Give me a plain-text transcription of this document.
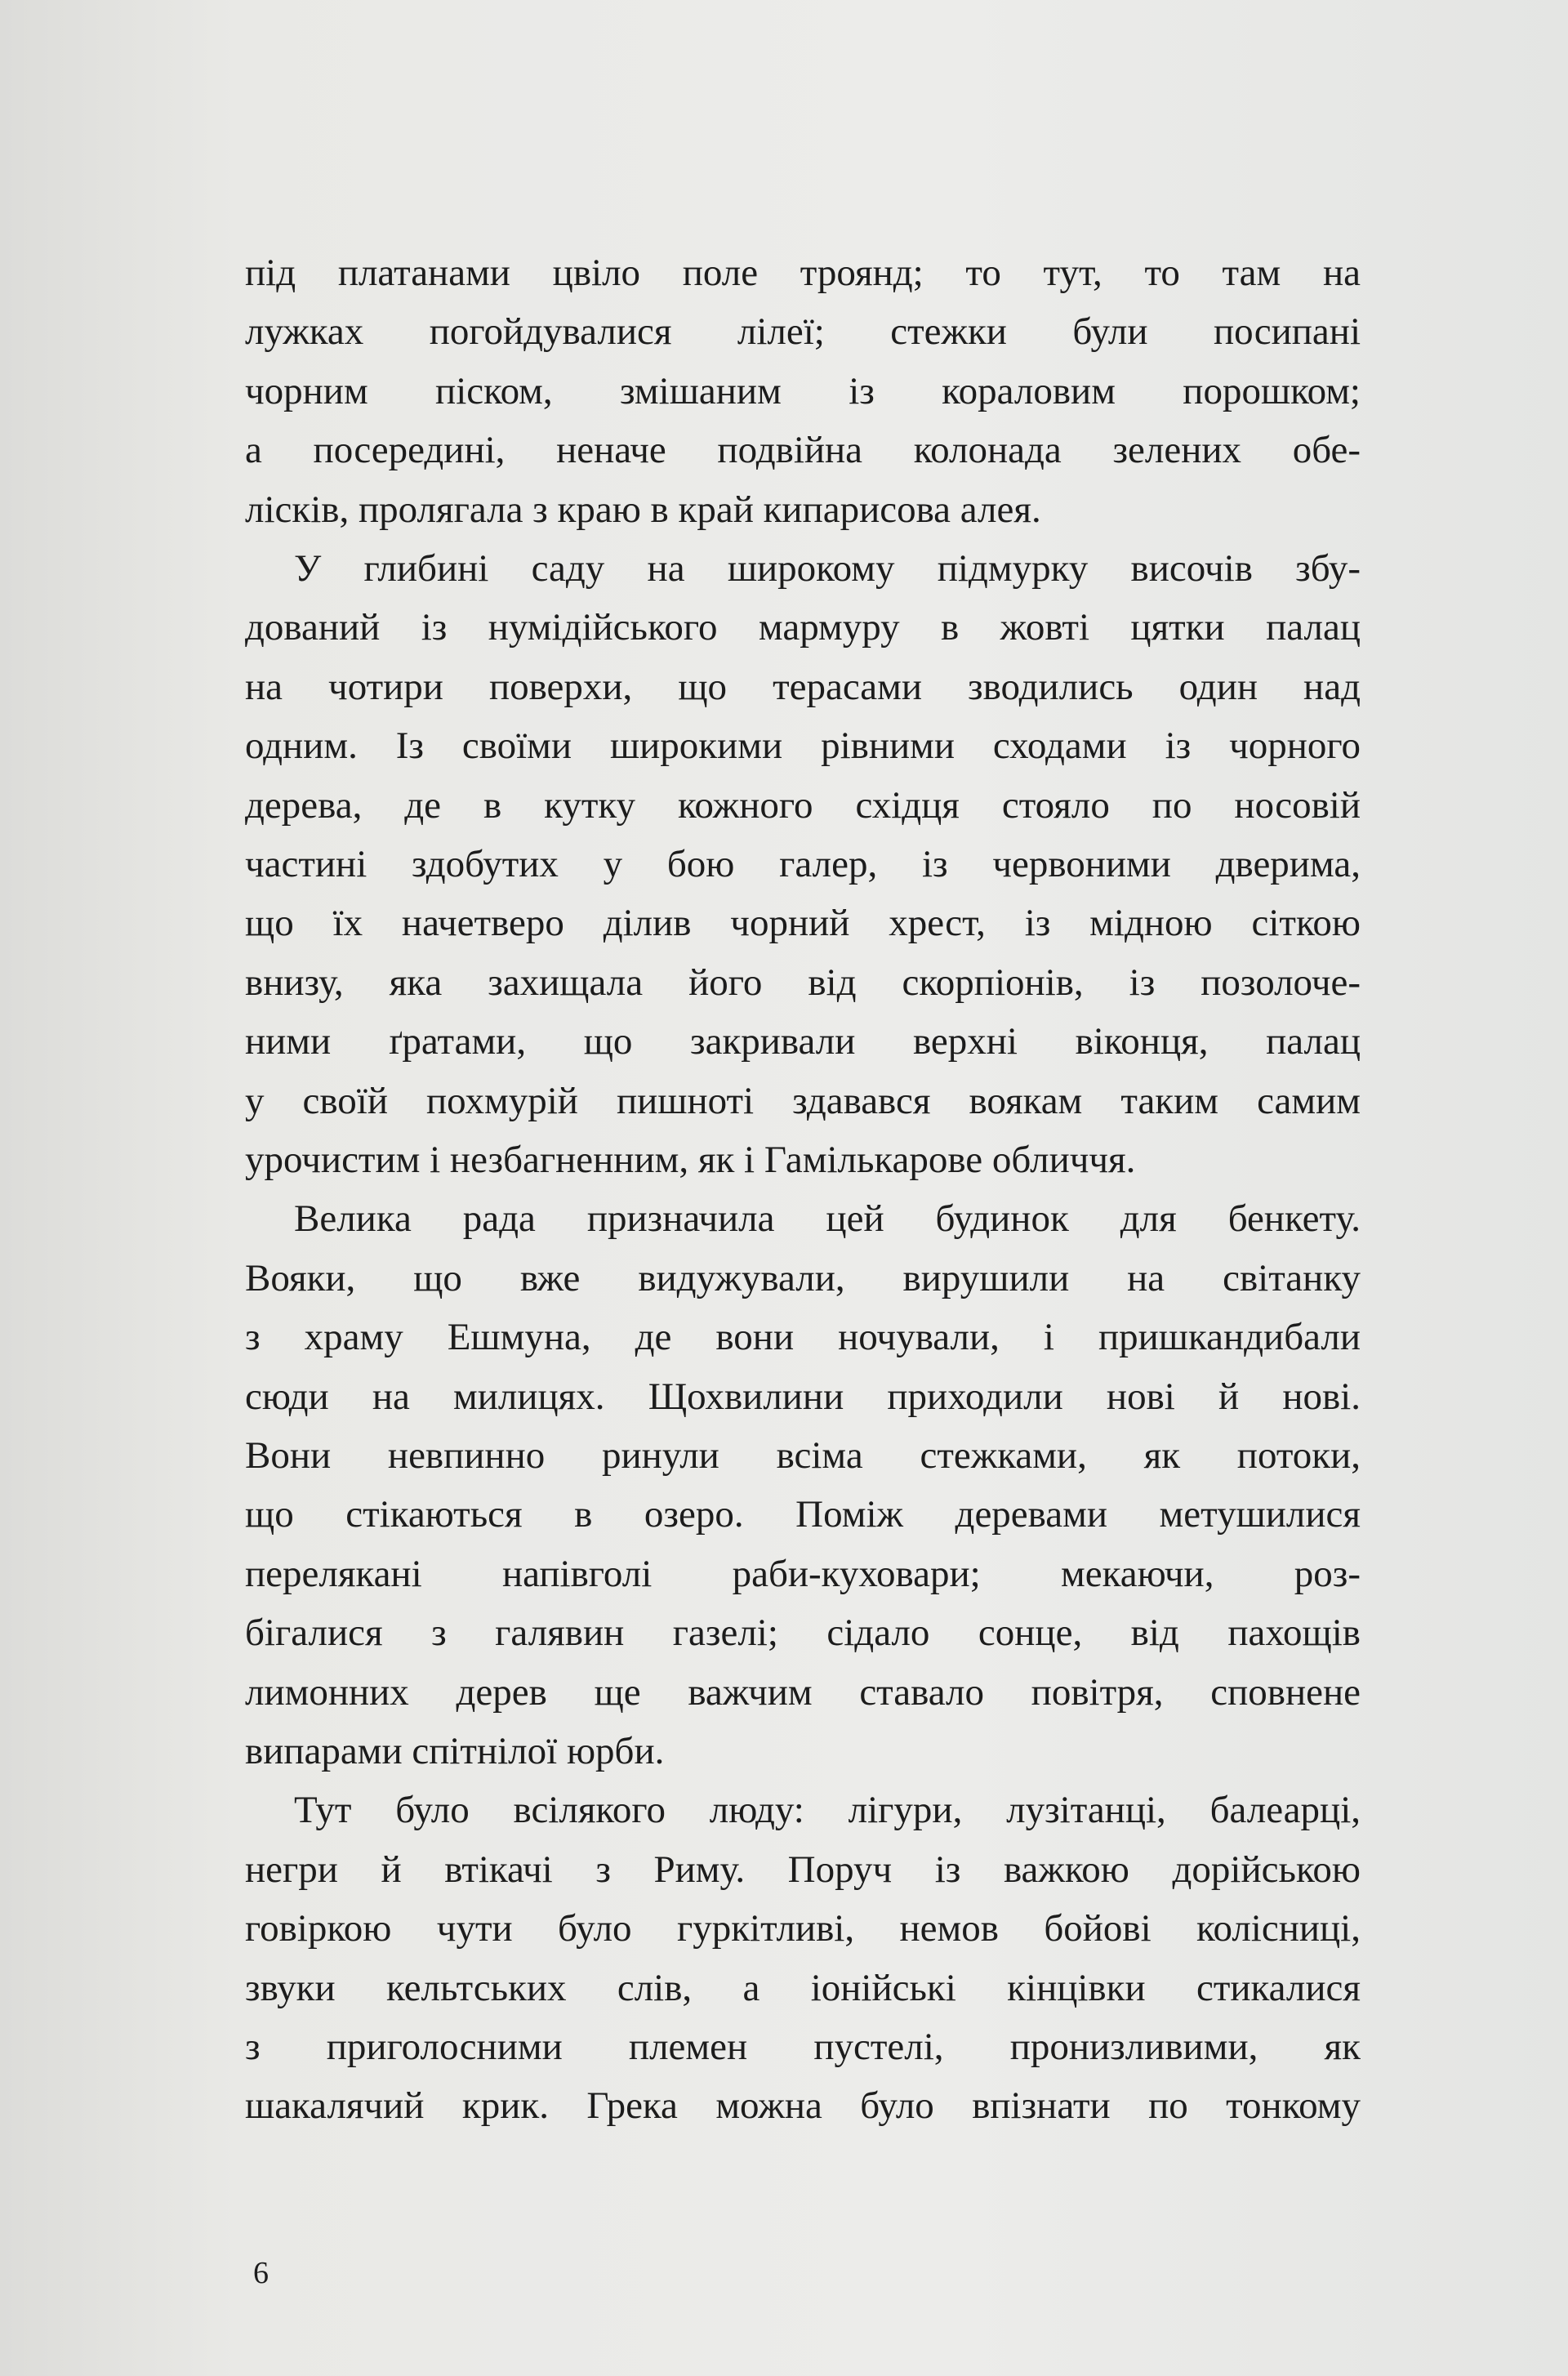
під платанами цвіло поле троянд; то тут, то там на
лужках погойдувалися лілеї; стежки були посипані
чорним піском, змішаним із кораловим порошком;
а посередині, неначе подвійна колонада зелених обе-
лісків, пролягала з краю в край кипарисова алея.
У глибині саду на широкому підмурку височів збу-
дований із нумідійського мармуру в жовті цятки палац
на чотири поверхи, що терасами зводились один над
одним. Із своїми широкими рівними сходами із чорного
дерева, де в кутку кожного східця стояло по носовій
частині здобутих у бою галер, із червоними дверима,
що їх начетверо ділив чорний хрест, із мідною сіткою
внизу, яка захищала його від скорпіонів, із позолоче-
ними ґратами, що закривали верхні віконця, палац
у своїй похмурій пишноті здавався воякам таким самим
урочистим і незбагненним, як і Гамількарове обличчя.
Велика рада призначила цей будинок для бенкету.
Вояки, що вже видужували, вирушили на світанку
з храму Ешмуна, де вони ночували, і пришкандибали
сюди на милицях. Щохвилини приходили нові й нові.
Вони невпинно ринули всіма стежками, як потоки,
що стікаються в озеро. Поміж деревами метушилися
перелякані напівголі раби-куховари; мекаючи, роз-
бігалися з галявин газелі; сідало сонце, від пахощів
лимонних дерев ще важчим ставало повітря, сповнене
випарами спітнілої юрби.
Тут було всілякого люду: лігури, лузітанці, балеарці,
негри й втікачі з Риму. Поруч із важкою дорійською
говіркою чути було гуркітливі, немов бойові колісниці,
звуки кельтських слів, а іонійські кінцівки стикалися
з приголосними племен пустелі, пронизливими, як
шакалячий крик. Грека можна було впізнати по тонкому
6
